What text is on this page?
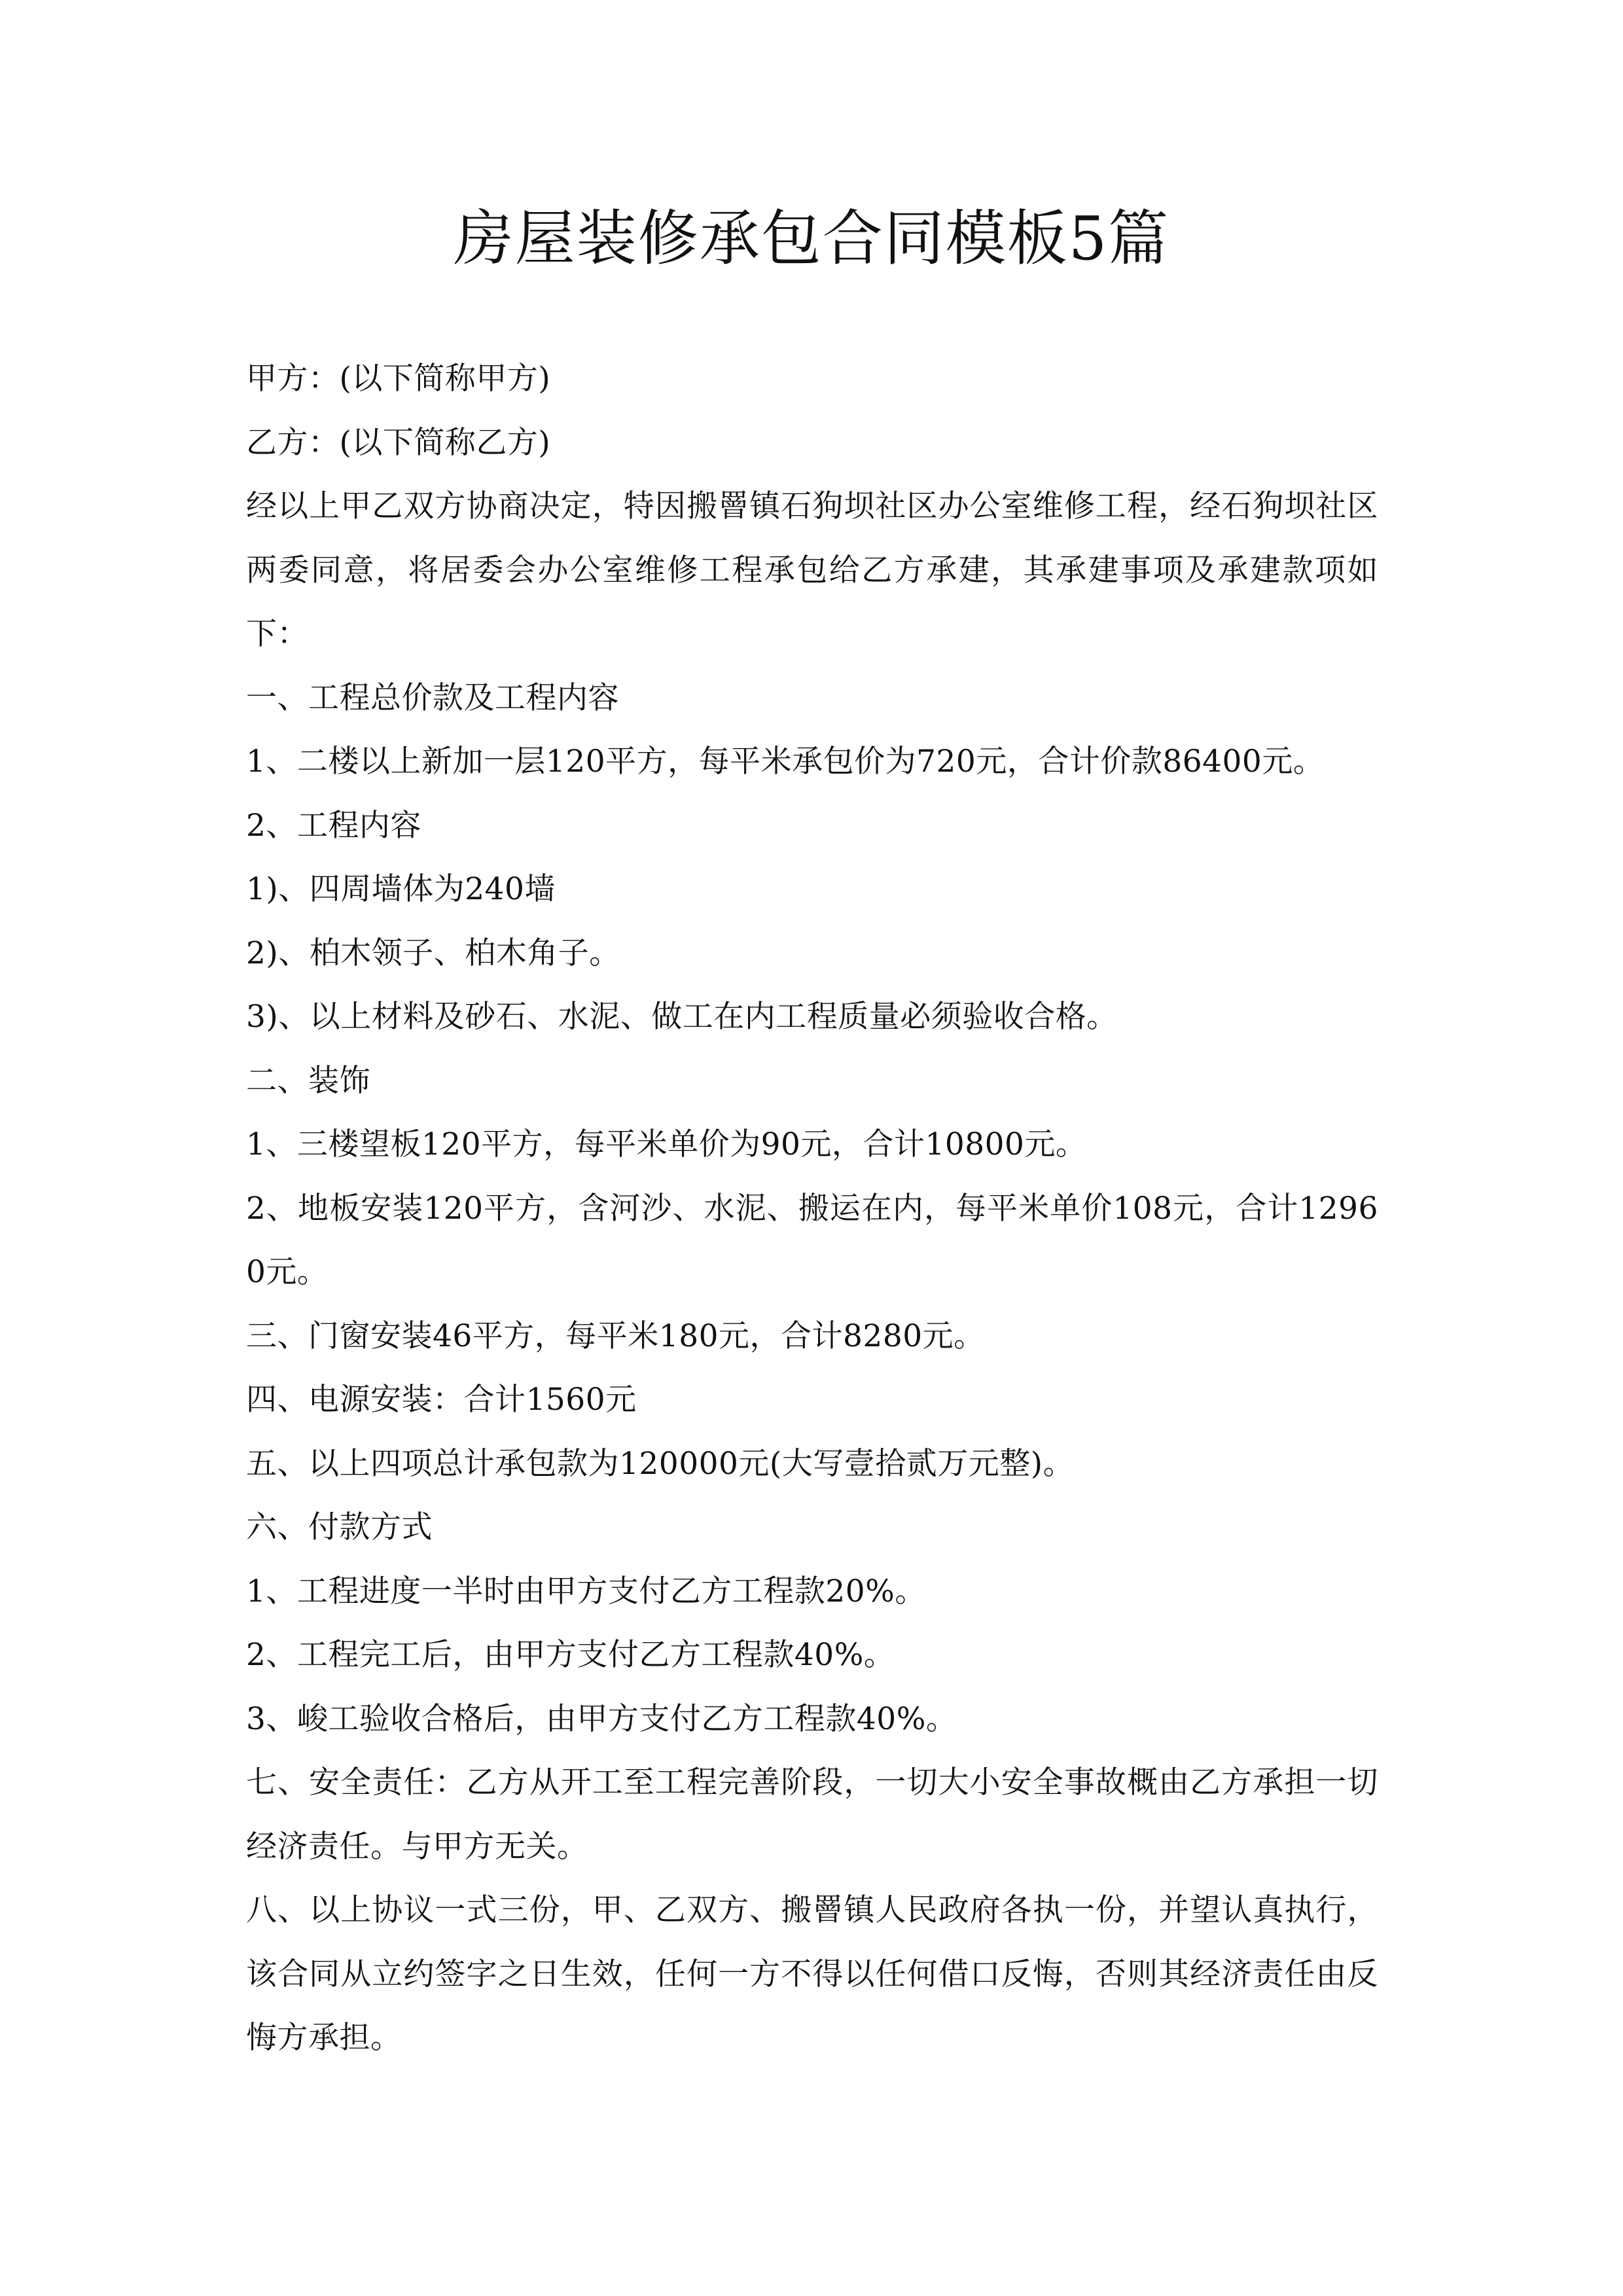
房屋装修承包合同模板5篇

甲方：(以下简称甲方)

乙方：(以下简称乙方)

经以上甲乙双方协商决定，特因搬罾镇石狗坝社区办公室维修工程，经石狗坝社区两委同意，将居委会办公室维修工程承包给乙方承建，其承建事项及承建款项如下：

一、工程总价款及工程内容

1、二楼以上新加一层120平方，每平米承包价为720元，合计价款86400元。

2、工程内容

1)、四周墙体为240墙

2)、柏木领子、柏木角子。

3)、以上材料及砂石、水泥、做工在内工程质量必须验收合格。

二、装饰

1、三楼望板120平方，每平米单价为90元，合计10800元。

2、地板安装120平方，含河沙、水泥、搬运在内，每平米单价108元，合计12960元。

三、门窗安装46平方，每平米180元，合计8280元。

四、电源安装：合计1560元

五、以上四项总计承包款为120000元(大写壹拾贰万元整)。

六、付款方式

1、工程进度一半时由甲方支付乙方工程款20%。

2、工程完工后，由甲方支付乙方工程款40%。

3、峻工验收合格后，由甲方支付乙方工程款40%。

七、安全责任：乙方从开工至工程完善阶段，一切大小安全事故概由乙方承担一切经济责任。与甲方无关。

八、以上协议一式三份，甲、乙双方、搬罾镇人民政府各执一份，并望认真执行，该合同从立约签字之日生效，任何一方不得以任何借口反悔，否则其经济责任由反悔方承担。
